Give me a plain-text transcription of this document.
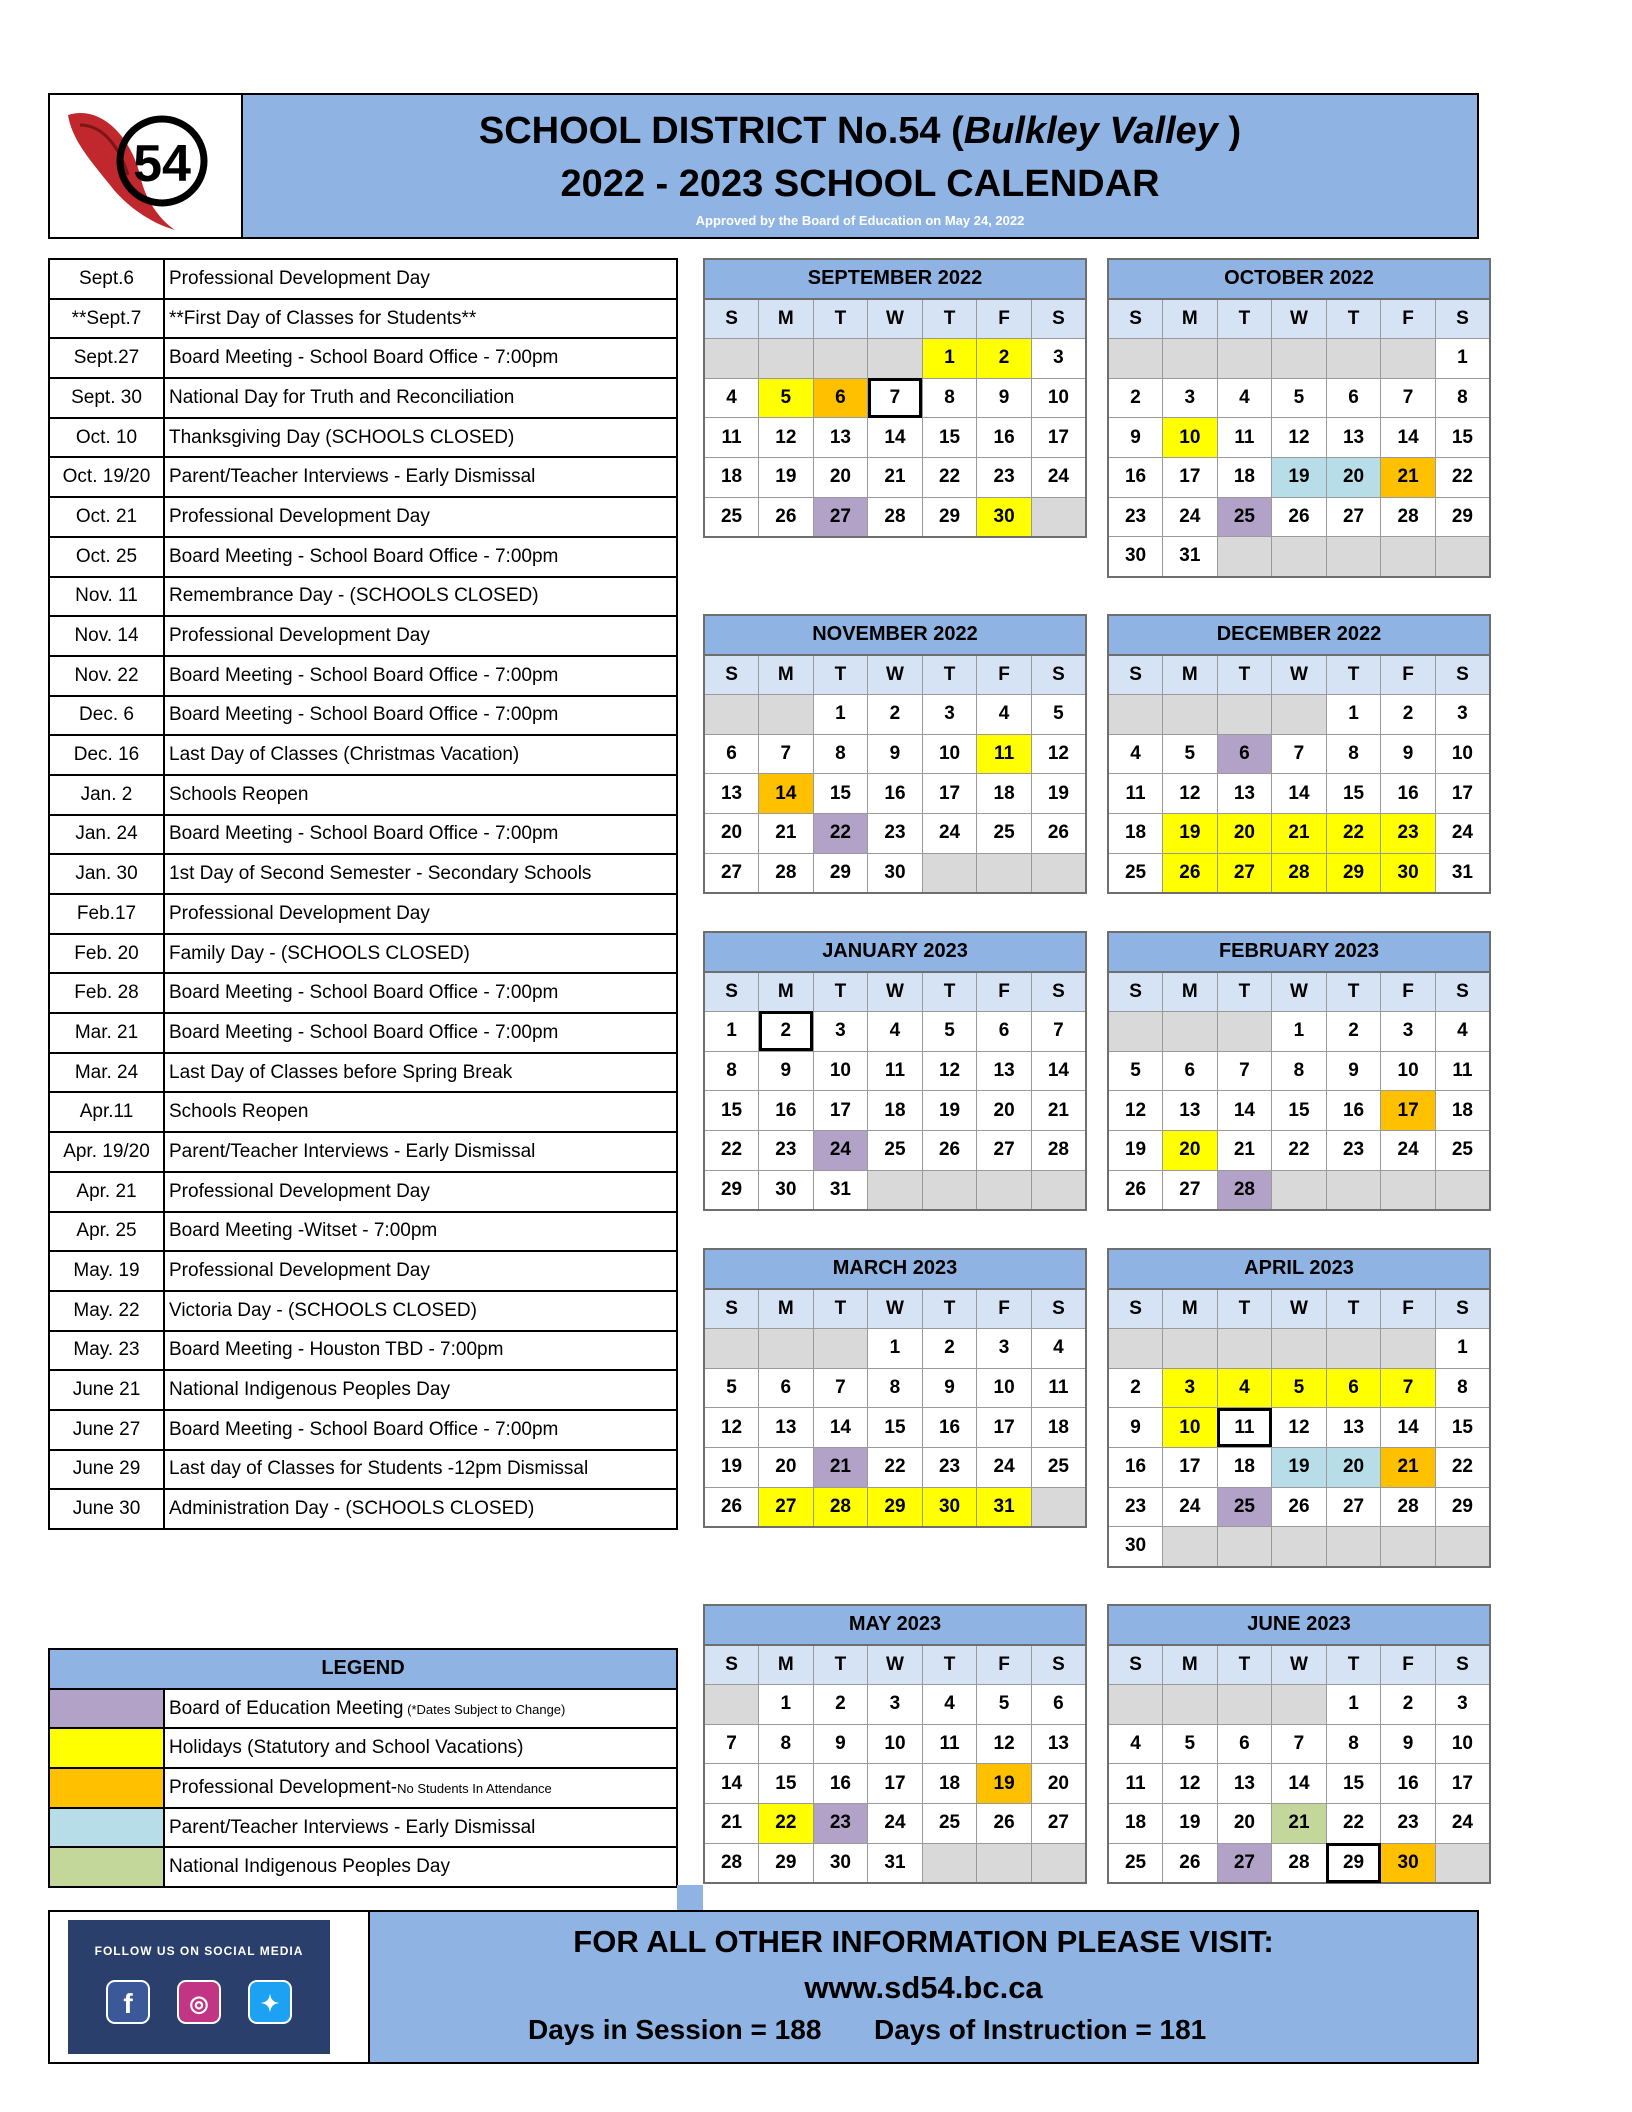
54
SCHOOL DISTRICT No.54 (Bulkley Valley )
2022 - 2023 SCHOOL CALENDAR
Approved by the Board of Education on May 24, 2022
Sept.6	Professional Development Day
**Sept.7	**First Day of Classes for Students**
Sept.27	Board Meeting - School Board Office - 7:00pm
Sept. 30	National Day for Truth and Reconciliation
Oct. 10	Thanksgiving Day (SCHOOLS CLOSED)
Oct. 19/20	Parent/Teacher Interviews - Early Dismissal
Oct. 21	Professional Development Day
Oct. 25	Board Meeting - School Board Office - 7:00pm
Nov. 11	Remembrance Day - (SCHOOLS CLOSED)
Nov. 14	Professional Development Day
Nov. 22	Board Meeting - School Board Office - 7:00pm
Dec. 6	Board Meeting - School Board Office - 7:00pm
Dec. 16	Last Day of Classes (Christmas Vacation)
Jan. 2	Schools Reopen
Jan. 24	Board Meeting - School Board Office - 7:00pm
Jan. 30	1st Day of Second Semester - Secondary Schools
Feb.17	Professional Development Day
Feb. 20	Family Day - (SCHOOLS CLOSED)
Feb. 28	Board Meeting - School Board Office - 7:00pm
Mar. 21	Board Meeting - School Board Office - 7:00pm
Mar. 24	Last Day of Classes before Spring Break
Apr.11	Schools Reopen
Apr. 19/20	Parent/Teacher Interviews - Early Dismissal
Apr. 21	Professional Development Day
Apr. 25	Board Meeting -Witset - 7:00pm
May. 19	Professional Development Day
May. 22	Victoria Day - (SCHOOLS CLOSED)
May. 23	Board Meeting - Houston TBD - 7:00pm
June 21	National Indigenous Peoples Day
June 27	Board Meeting - School Board Office - 7:00pm
June 29	Last day of Classes for Students -12pm Dismissal
June 30	Administration Day - (SCHOOLS CLOSED)
SEPTEMBER 2022						
S	M	T	W	T	F	S
				1	2	3
4	5	6	7	8	9	10
11	12	13	14	15	16	17
18	19	20	21	22	23	24
25	26	27	28	29	30	
OCTOBER 2022						
S	M	T	W	T	F	S
						1
2	3	4	5	6	7	8
9	10	11	12	13	14	15
16	17	18	19	20	21	22
23	24	25	26	27	28	29
30	31					
NOVEMBER 2022						
S	M	T	W	T	F	S
		1	2	3	4	5
6	7	8	9	10	11	12
13	14	15	16	17	18	19
20	21	22	23	24	25	26
27	28	29	30			
DECEMBER 2022						
S	M	T	W	T	F	S
				1	2	3
4	5	6	7	8	9	10
11	12	13	14	15	16	17
18	19	20	21	22	23	24
25	26	27	28	29	30	31
JANUARY 2023						
S	M	T	W	T	F	S
1	2	3	4	5	6	7
8	9	10	11	12	13	14
15	16	17	18	19	20	21
22	23	24	25	26	27	28
29	30	31				
FEBRUARY 2023						
S	M	T	W	T	F	S
			1	2	3	4
5	6	7	8	9	10	11
12	13	14	15	16	17	18
19	20	21	22	23	24	25
26	27	28				
MARCH 2023						
S	M	T	W	T	F	S
			1	2	3	4
5	6	7	8	9	10	11
12	13	14	15	16	17	18
19	20	21	22	23	24	25
26	27	28	29	30	31	
APRIL 2023						
S	M	T	W	T	F	S
						1
2	3	4	5	6	7	8
9	10	11	12	13	14	15
16	17	18	19	20	21	22
23	24	25	26	27	28	29
30						
MAY 2023						
S	M	T	W	T	F	S
	1	2	3	4	5	6
7	8	9	10	11	12	13
14	15	16	17	18	19	20
21	22	23	24	25	26	27
28	29	30	31			
JUNE 2023						
S	M	T	W	T	F	S
				1	2	3
4	5	6	7	8	9	10
11	12	13	14	15	16	17
18	19	20	21	22	23	24
25	26	27	28	29	30	
LEGEND	
	Board of Education Meeting (*Dates Subject to Change)
	Holidays (Statutory and School Vacations)
	Professional Development-No Students In Attendance
	Parent/Teacher Interviews - Early Dismissal
	National Indigenous Peoples Day
FOLLOW US ON SOCIAL MEDIA
f	◎	✦
FOR ALL OTHER INFORMATION PLEASE VISIT:
www.sd54.bc.ca
Days in Session = 188 Days of Instruction = 181
